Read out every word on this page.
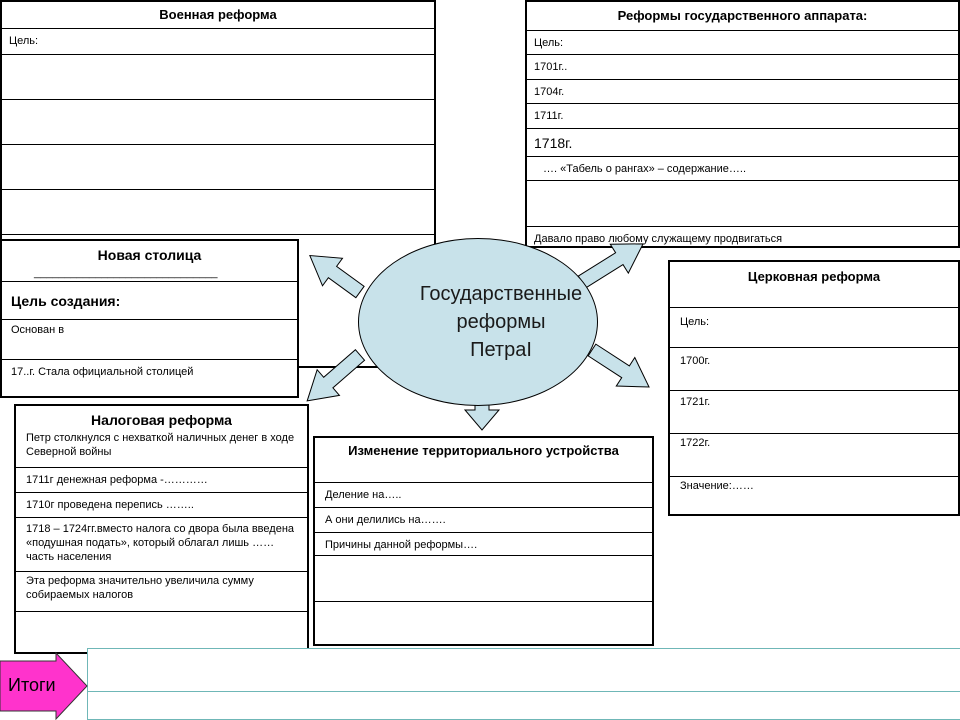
Военная реформа
Цель:
Реформы государственного аппарата:
Цель:
1701г..
1704г.
1711г.
1718г.
…. «Табель о рангах» – содержание…..
Давало право любому служащему продвигаться
Новая столица
______________________________
Цель создания:
Основан в
17..г. Стала официальной столицей
Церковная реформа
Цель:
1700г.
1721г.
1722г.
Значение:……
Налоговая реформа
Петр столкнулся с нехваткой наличных денег в ходе Северной войны
1711г денежная реформа -…………
1710г проведена перепись ……..
1718 – 1724гг.вместо налога со двора была введена «подушная подать», который облагал лишь ……часть населения
Эта реформа значительно увеличила сумму собираемых налогов
Изменение территориального устройства
Деление на…..
А они делились на…….
Причины данной реформы….
Государственные
реформы
ПетраI
Итоги
